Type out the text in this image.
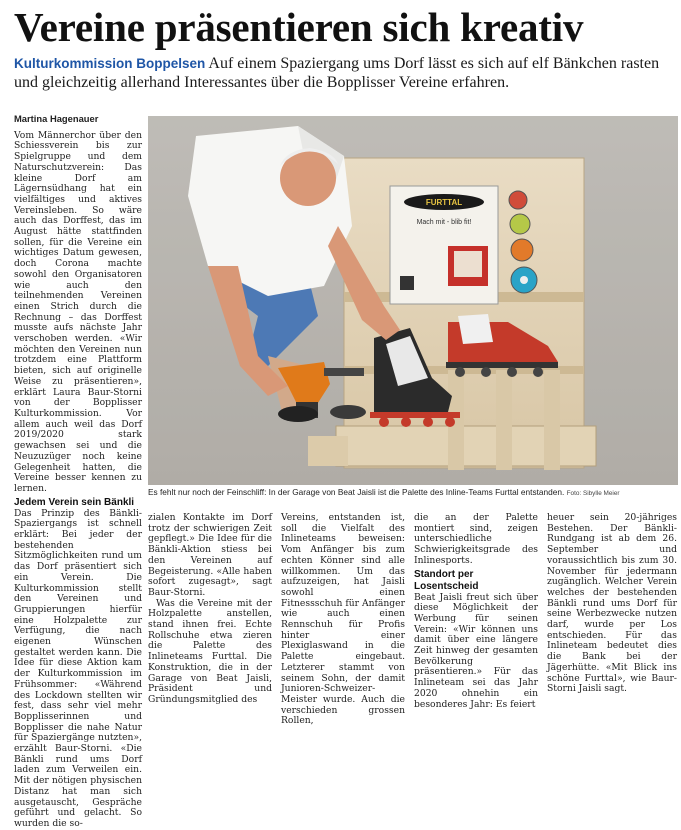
Vereine präsentieren sich kreativ
Kulturkommission Boppelsen Auf einem Spaziergang ums Dorf lässt es sich auf elf Bänkchen rasten und gleichzeitig allerhand Interessantes über die Bopplisser Vereine erfahren.
Martina Hagenauer

Vom Männerchor über den Schiessverein bis zur Spielgruppe und dem Naturschutzverein: Das kleine Dorf am Lägernsüdhang hat ein vielfältiges und aktives Vereinsleben. So wäre auch das Dorffest, das im August hätte stattfinden sollen, für die Vereine ein wichtiges Datum gewesen, doch Corona machte sowohl den Organisatoren wie auch den teilnehmenden Vereinen einen Strich durch die Rechnung – das Dorffest musste aufs nächste Jahr verschoben werden. «Wir möchten den Vereinen nun trotzdem eine Plattform bieten, sich auf originelle Weise zu präsentieren», erklärt Laura Baur-Storni von der Bopplisser Kulturkommission. Vor allem auch weil das Dorf 2019/2020 stark gewachsen sei und die Neuzuzüger noch keine Gelegenheit hatten, die Vereine besser kennen zu lernen.

Jedem Verein sein Bänkli

Das Prinzip des Bänkli-Spaziergangs ist schnell erklärt: Bei jeder der bestehenden Sitzmöglichkeiten rund um das Dorf präsentiert sich ein Verein. Die Kulturkommission stellt den Vereinen und Gruppierungen hierfür eine Holzpalette zur Verfügung, die nach eigenen Wünschen gestaltet werden kann. Die Idee für diese Aktion kam der Kulturkommission im Frühsommer: «Während des Lockdown stellten wir fest, dass sehr viel mehr Bopplisserinnen und Bopplisser die nahe Natur für Spaziergänge nutzten», erzählt Baur-Storni. «Die Bänkli rund ums Dorf laden zum Verweilen ein. Mit der nötigen physischen Distanz hat man sich ausgetauscht, Gespräche geführt und gelacht. So wurden die so-

FURTTAL
Mach mit - blib fit!
Es fehlt nur noch der Feinschliff: In der Garage von Beat Jaisli ist die Palette des Inline-Teams Furttal entstanden. Foto: Sibylle Meier

zialen Kontakte im Dorf trotz der schwierigen Zeit gepflegt.» Die Idee für die Bänkli-Aktion stiess bei den Vereinen auf Begeisterung. «Alle haben sofort zugesagt», sagt Baur-Storni.

Was die Vereine mit der Holzpalette anstellen, stand ihnen frei. Echte Rollschuhe etwa zieren die Palette des Inlineteams Furttal. Die Konstruktion, die in der Garage von Beat Jaisli, Präsident und Gründungsmitglied des

Vereins, entstanden ist, soll die Vielfalt des Inlineteams beweisen: Vom Anfänger bis zum echten Könner sind alle willkommen. Um das aufzuzeigen, hat Jaisli sowohl einen Fitnessschuh für Anfänger wie auch einen Rennschuh für Profis hinter einer Plexiglaswand in die Palette eingebaut. Letzterer stammt von seinem Sohn, der damit Junioren-Schweizer-Meister wurde. Auch die verschieden grossen Rollen,

die an der Palette montiert sind, zeigen unterschiedliche Schwierigkeitsgrade des Inlinesports.

Standort per Losentscheid

Beat Jaisli freut sich über diese Möglichkeit der Werbung für seinen Verein: «Wir können uns damit über eine längere Zeit hinweg der gesamten Bevölkerung präsentieren.» Für das Inlineteam sei das Jahr 2020 ohnehin ein besonderes Jahr: Es feiert

heuer sein 20-jähriges Bestehen. Der Bänkli-Rundgang ist ab dem 26. September und voraussichtlich bis zum 30. November für jedermann zugänglich. Welcher Verein welches der bestehenden Bänkli rund ums Dorf für seine Werbezwecke nutzen darf, wurde per Los entschieden. Für das Inlineteam bedeutet dies die Bank bei der Jägerhütte. «Mit Blick ins schöne Furttal», wie Baur-Storni Jaisli sagt.
